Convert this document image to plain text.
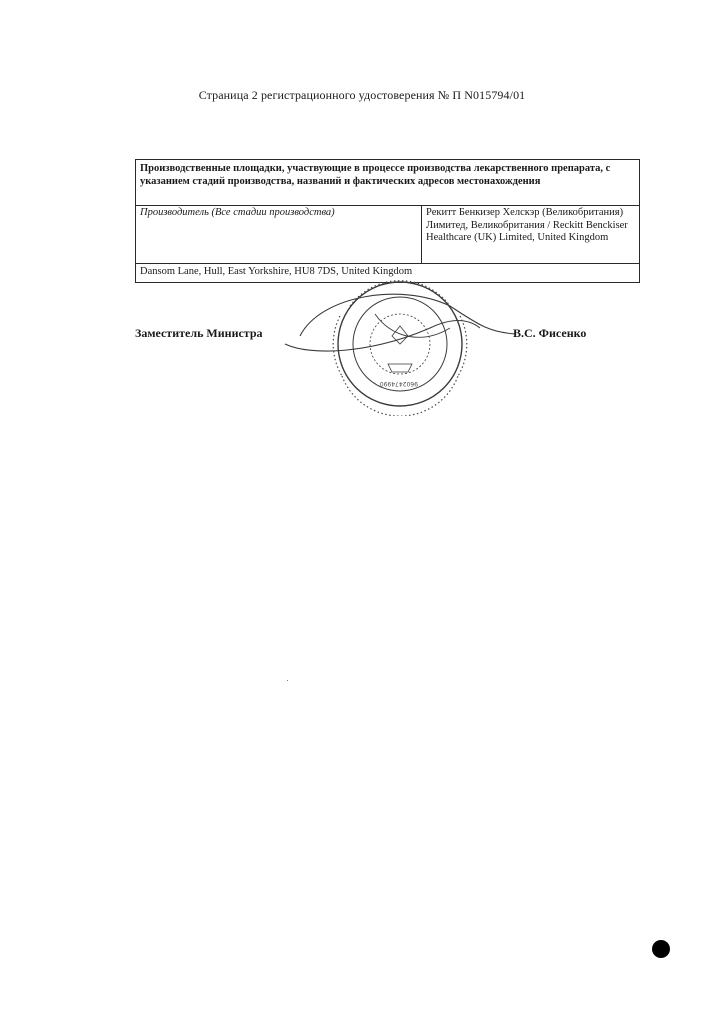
Страница 2 регистрационного удостоверения № П N015794/01
Производственные площадки, участвующие в процессе производства лекарственного препарата, с указанием стадий производства, названий и фактических адресов местонахождения
Производитель (Все стадии производства)	Рекитт Бенкизер Хелскэр (Великобритания) Лимитед, Великобритания / Reckitt Benckiser Healthcare (UK) Limited, United Kingdom
Dansom Lane, Hull, East Yorkshire, HU8 7DS, United Kingdom
9602474990
Заместитель Министра	В.С. Фисенко
